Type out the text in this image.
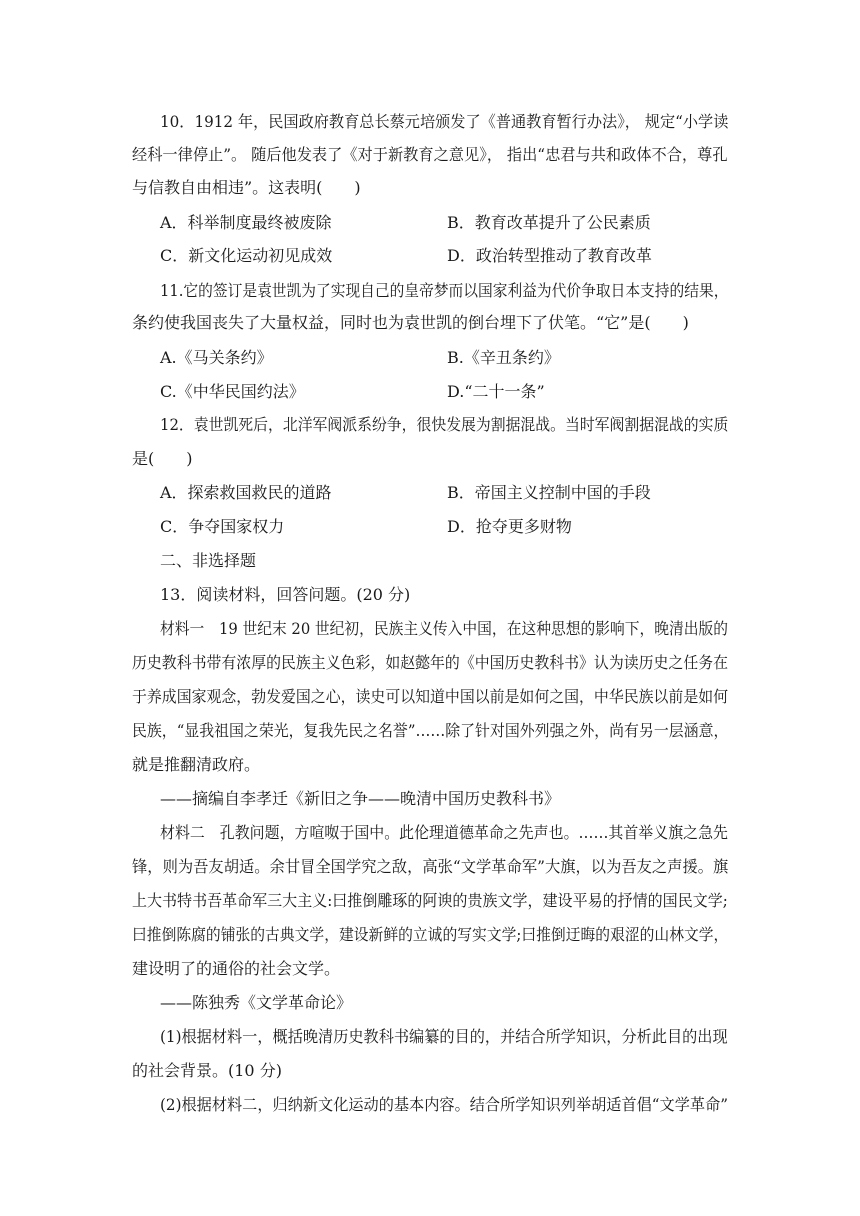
10．1912 年，民国政府教育总长蔡元培颁发了《普通教育暂行办法》， 规定“小学读
经科一律停止”。 随后他发表了《对于新教育之意见》， 指出“忠君与共和政体不合，尊孔
与信教自由相违”。这表明(　　)
A．科举制度最终被废除	B．教育改革提升了公民素质
C．新文化运动初见成效	D．政治转型推动了教育改革
11.它的签订是袁世凯为了实现自己的皇帝梦而以国家利益为代价争取日本支持的结果，
条约使我国丧失了大量权益，同时也为袁世凯的倒台埋下了伏笔。“它”是(　　)
A.《马关条约》	B.《辛丑条约》
C.《中华民国约法》	D.“二十一条”
12．袁世凯死后，北洋军阀派系纷争，很快发展为割据混战。当时军阀割据混战的实质
是(　　)
A．探索救国救民的道路	B．帝国主义控制中国的手段
C．争夺国家权力	D．抢夺更多财物
二、非选择题
13．阅读材料，回答问题。(20 分)
材料一　19 世纪末 20 世纪初，民族主义传入中国，在这种思想的影响下，晚清出版的
历史教科书带有浓厚的民族主义色彩，如赵懿年的《中国历史教科书》认为读历史之任务在
于养成国家观念，勃发爱国之心，读史可以知道中国以前是如何之国，中华民族以前是如何
民族，“显我祖国之荣光，复我先民之名誉”……除了针对国外列强之外，尚有另一层涵意，
就是推翻清政府。
——摘编自李孝迁《新旧之争——晚清中国历史教科书》
材料二　孔教问题，方喧呶于国中。此伦理道德革命之先声也。……其首举义旗之急先
锋，则为吾友胡适。余甘冒全国学究之敌，高张“文学革命军”大旗，以为吾友之声援。旗
上大书特书吾革命军三大主义:曰推倒雕琢的阿谀的贵族文学，建设平易的抒情的国民文学;
曰推倒陈腐的铺张的古典文学，建设新鲜的立诚的写实文学;曰推倒迂晦的艰涩的山林文学，
建设明了的通俗的社会文学。
——陈独秀《文学革命论》
(1)根据材料一，概括晚清历史教科书编纂的目的，并结合所学知识，分析此目的出现
的社会背景。(10 分)
(2)根据材料二，归纳新文化运动的基本内容。结合所学知识列举胡适首倡“文学革命”
